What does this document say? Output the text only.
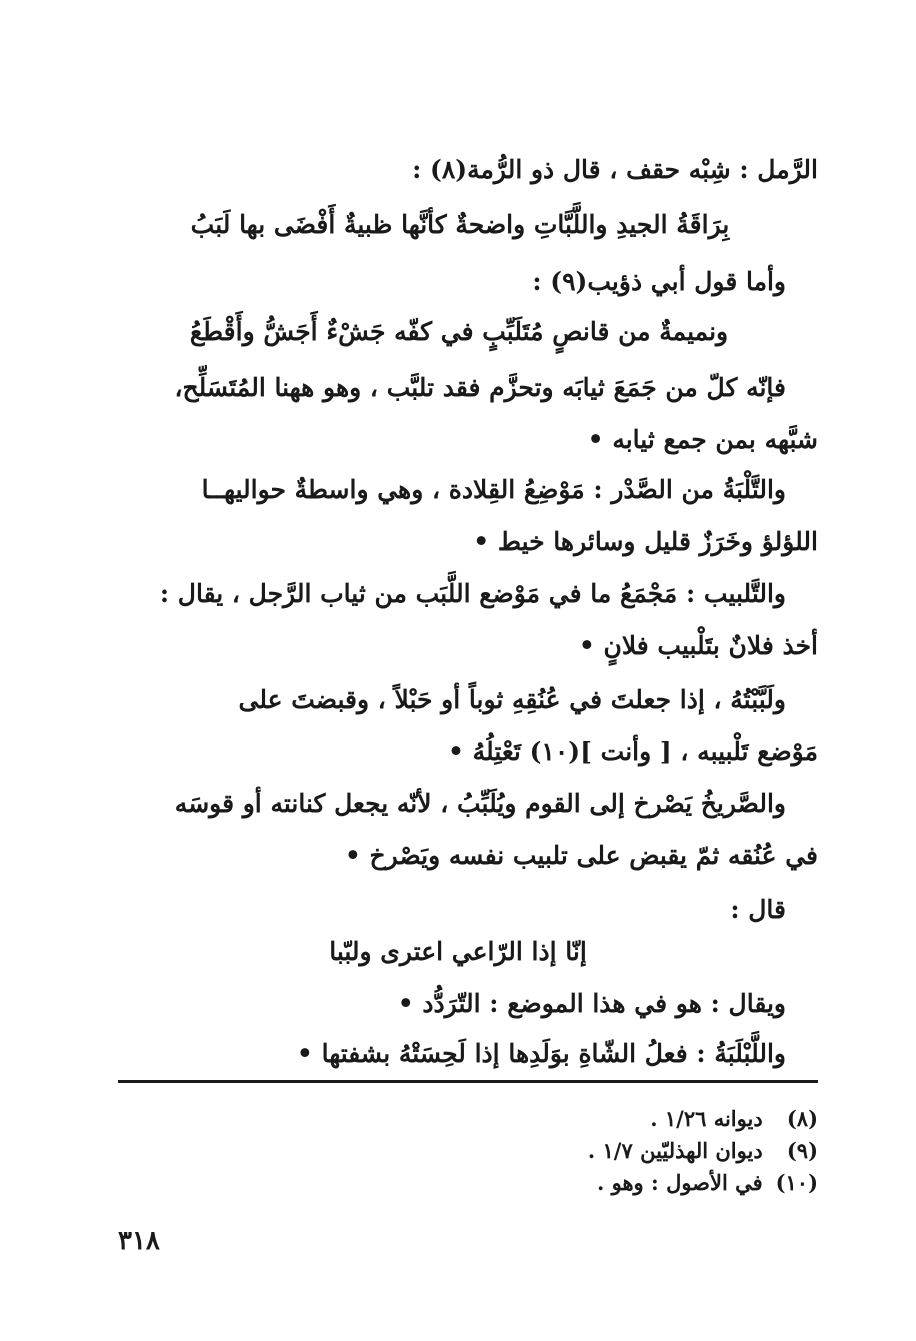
الرَّمل : شِبْه حقف ، قال ذو الرُّمة(٨) :
بِرَاقَةُ الجيدِ واللَّبَّاتِ واضحةٌ كأنَّها ظبيةٌ أَفْضَى بها لَبَبُ
وأما قول أبي ذؤيب(٩) :
ونميمةٌ من قانصٍ مُتَلَبِّبٍ في كفّه جَشْءٌ أَجَشُّ وأَقْطَعُ
فإنّه كلّ من جَمَعَ ثيابَه وتحزَّم فقد تلبَّب ، وهو ههنا المُتَسَلِّح،
شبَّهه بمن جمع ثيابه •
والتَّلْبَةُ من الصَّدْر : مَوْضِعُ القِلادة ، وهي واسطةٌ حواليهــا
اللؤلؤ وخَرَزٌ قليل وسائرها خيط •
والتَّلبيب : مَجْمَعُ ما في مَوْضع اللَّبَب من ثياب الرَّجل ، يقال :
أخذ فلانٌ بتَلْبيب فلانٍ •
ولَبَّبْتُهُ ، إذا جعلتَ في عُنُقِهِ ثوباً أو حَبْلاً ، وقبضتَ على
مَوْضع تَلْبيبه ، [ وأنت ](١٠) تَعْتِلُهُ •
والصَّريخُ يَصْرخ إلى القوم ويُلَبِّبُ ، لأنّه يجعل كنانته أو قوسَه
في عُنُقه ثمّ يقبض على تلبيب نفسه ويَصْرخ •
قال :
إنّا إذا الرّاعي اعترى ولبّبا
ويقال : هو في هذا الموضع : التّرَدُّد •
واللَّبْلَبَةُ : فعلُ الشّاةِ بوَلَدِها إذا لَحِسَتْهُ بشفتها •
(٨) ديوانه ١/٢٦ .
(٩) ديوان الهذليّين ١/٧ .
(١٠) في الأصول : وهو .
٣١٨
